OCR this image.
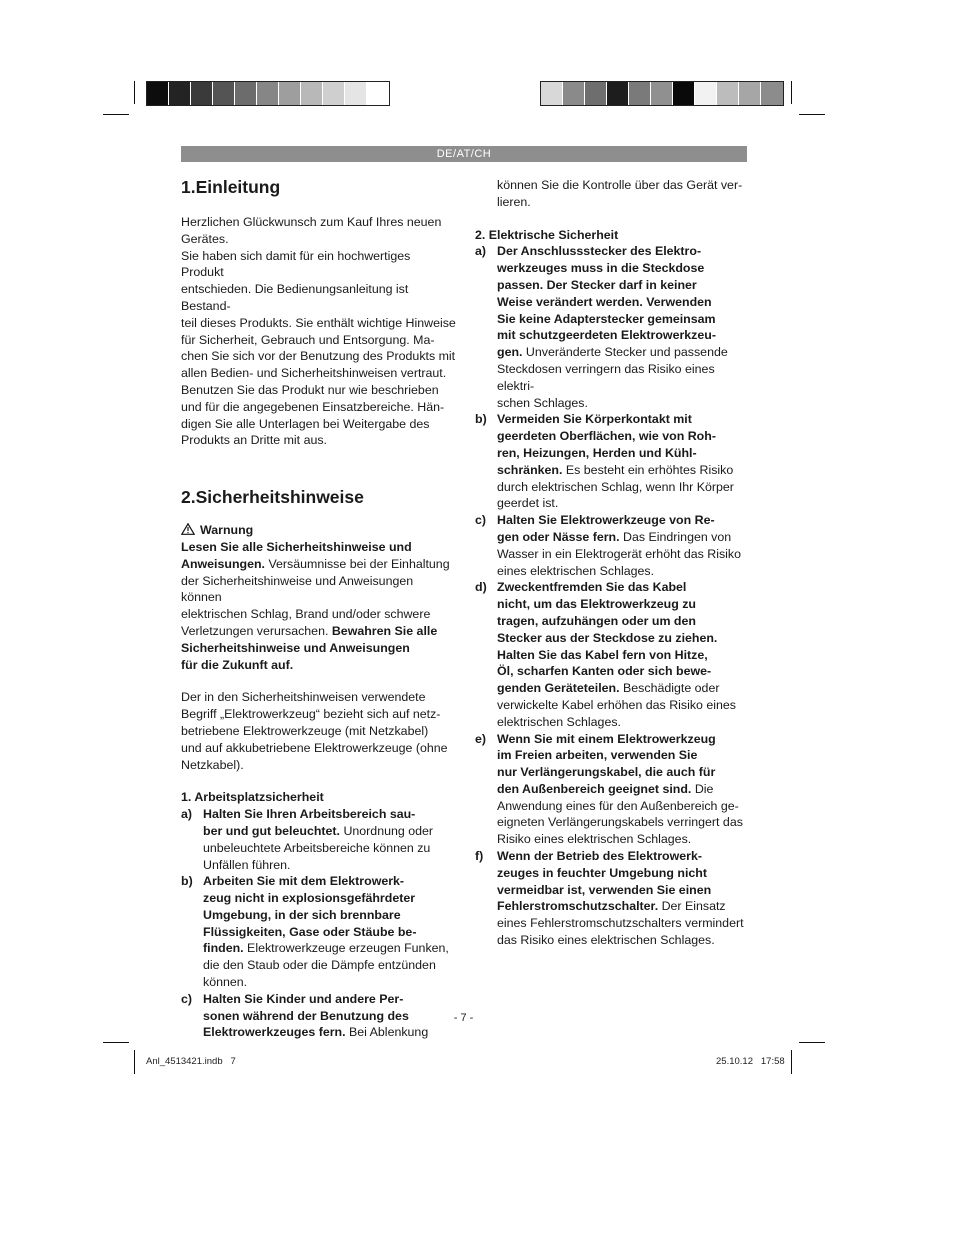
DE/AT/CH
1.Einleitung

Herzlichen Glückwunsch zum Kauf Ihres neuen

Gerätes.

Sie haben sich damit für ein hochwertiges Produkt

entschieden. Die Bedienungsanleitung ist Bestand-

teil dieses Produkts. Sie enthält wichtige Hinweise

für Sicherheit, Gebrauch und Entsorgung. Ma-

chen Sie sich vor der Benutzung des Produkts mit

allen Bedien- und Sicherheitshinweisen vertraut.

Benutzen Sie das Produkt nur wie beschrieben

und für die angegebenen Einsatzbereiche. Hän-

digen Sie alle Unterlagen bei Weitergabe des

Produkts an Dritte mit aus.

2.Sicherheitshinweise

Warnung

Lesen Sie alle Sicherheitshinweise und

Anweisungen. Versäumnisse bei der Einhaltung

der Sicherheitshinweise und Anweisungen können

elektrischen Schlag, Brand und/oder schwere

Verletzungen verursachen. Bewahren Sie alle

Sicherheitshinweise und Anweisungen

für die Zukunft auf.

Der in den Sicherheitshinweisen verwendete

Begriff „Elektrowerkzeug“ bezieht sich auf netz-

betriebene Elektrowerkzeuge (mit Netzkabel)

und auf akkubetriebene Elektrowerkzeuge (ohne

Netzkabel).

1. Arbeitsplatzsicherheit

a) Halten Sie Ihren Arbeitsbereich sau-

ber und gut beleuchtet. Unordnung oder

unbeleuchtete Arbeitsbereiche können zu

Unfällen führen.

b) Arbeiten Sie mit dem Elektrowerk-

zeug nicht in explosionsgefährdeter

Umgebung, in der sich brennbare

Flüssigkeiten, Gase oder Stäube be-

finden. Elektrowerkzeuge erzeugen Funken,

die den Staub oder die Dämpfe entzünden

können.

c) Halten Sie Kinder und andere Per-

sonen während der Benutzung des

Elektrowerkzeuges fern. Bei Ablenkung

können Sie die Kontrolle über das Gerät ver-

lieren.

2. Elektrische Sicherheit

a) Der Anschlussstecker des Elektro-

werkzeuges muss in die Steckdose

passen. Der Stecker darf in keiner

Weise verändert werden. Verwenden

Sie keine Adapterstecker gemeinsam

mit schutzgeerdeten Elektrowerkzeu-

gen. Unveränderte Stecker und passende

Steckdosen verringern das Risiko eines elektri-

schen Schlages.

b) Vermeiden Sie Körperkontakt mit

geerdeten Oberflächen, wie von Roh-

ren, Heizungen, Herden und Kühl-

schränken. Es besteht ein erhöhtes Risiko

durch elektrischen Schlag, wenn Ihr Körper

geerdet ist.

c) Halten Sie Elektrowerkzeuge von Re-

gen oder Nässe fern. Das Eindringen von

Wasser in ein Elektrogerät erhöht das Risiko

eines elektrischen Schlages.

d) Zweckentfremden Sie das Kabel

nicht, um das Elektrowerkzeug zu

tragen, aufzuhängen oder um den

Stecker aus der Steckdose zu ziehen.

Halten Sie das Kabel fern von Hitze,

Öl, scharfen Kanten oder sich bewe-

genden Geräteteilen. Beschädigte oder

verwickelte Kabel erhöhen das Risiko eines

elektrischen Schlages.

e) Wenn Sie mit einem Elektrowerkzeug

im Freien arbeiten, verwenden Sie

nur Verlängerungskabel, die auch für

den Außenbereich geeignet sind. Die

Anwendung eines für den Außenbereich ge-

eigneten Verlängerungskabels verringert das

Risiko eines elektrischen Schlages.

f)	Wenn der Betrieb des Elektrowerk-

zeuges in feuchter Umgebung nicht

vermeidbar ist, verwenden Sie einen

Fehlerstromschutzschalter. Der Einsatz

eines Fehlerstromschutzschalters vermindert

das Risiko eines elektrischen Schlages.

- 7 -
Anl_4513421.indb   7	25.10.12   17:58
